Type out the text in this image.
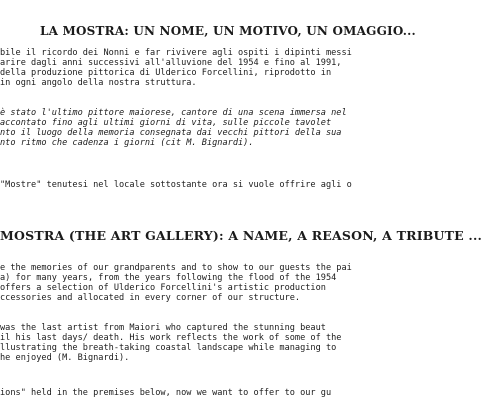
LA MOSTRA: UN NOME, UN MOTIVO, UN OMAGGIO...
bile il ricordo dei Nonni e far rivivere agli ospiti i dipinti messi
arire dagli anni successivi all'alluvione del 1954 e fino al 1991,
della produzione pittorica di Ulderico Forcellini, riprodotto in
in ogni angolo della nostra struttura.
è stato l'ultimo pittore maiorese, cantore di una scena immersa nel
accontato fino agli ultimi giorni di vita, sulle piccole tavolet
nto il luogo della memoria consegnata dai vecchi pittori della sua
nto ritmo che cadenza i giorni (cit M. Bignardi).
"Mostre" tenutesi nel locale sottostante ora si vuole offrire agli o
MOSTRA (THE ART GALLERY): A NAME, A REASON, A TRIBUTE ...
e the memories of our grandparents and to show to our guests the pai
a) for many years, from the years following the flood of the 1954
offers a selection of Ulderico Forcellini's artistic production
ccessories and allocated in every corner of our structure.
was the last artist from Maiori who captured the stunning beaut
il his last days/ death. His work reflects the work of some of the
llustrating the breath-taking coastal landscape while managing to
he enjoyed (M. Bignardi).
ions" held in the premises below, now we want to offer to our gu
